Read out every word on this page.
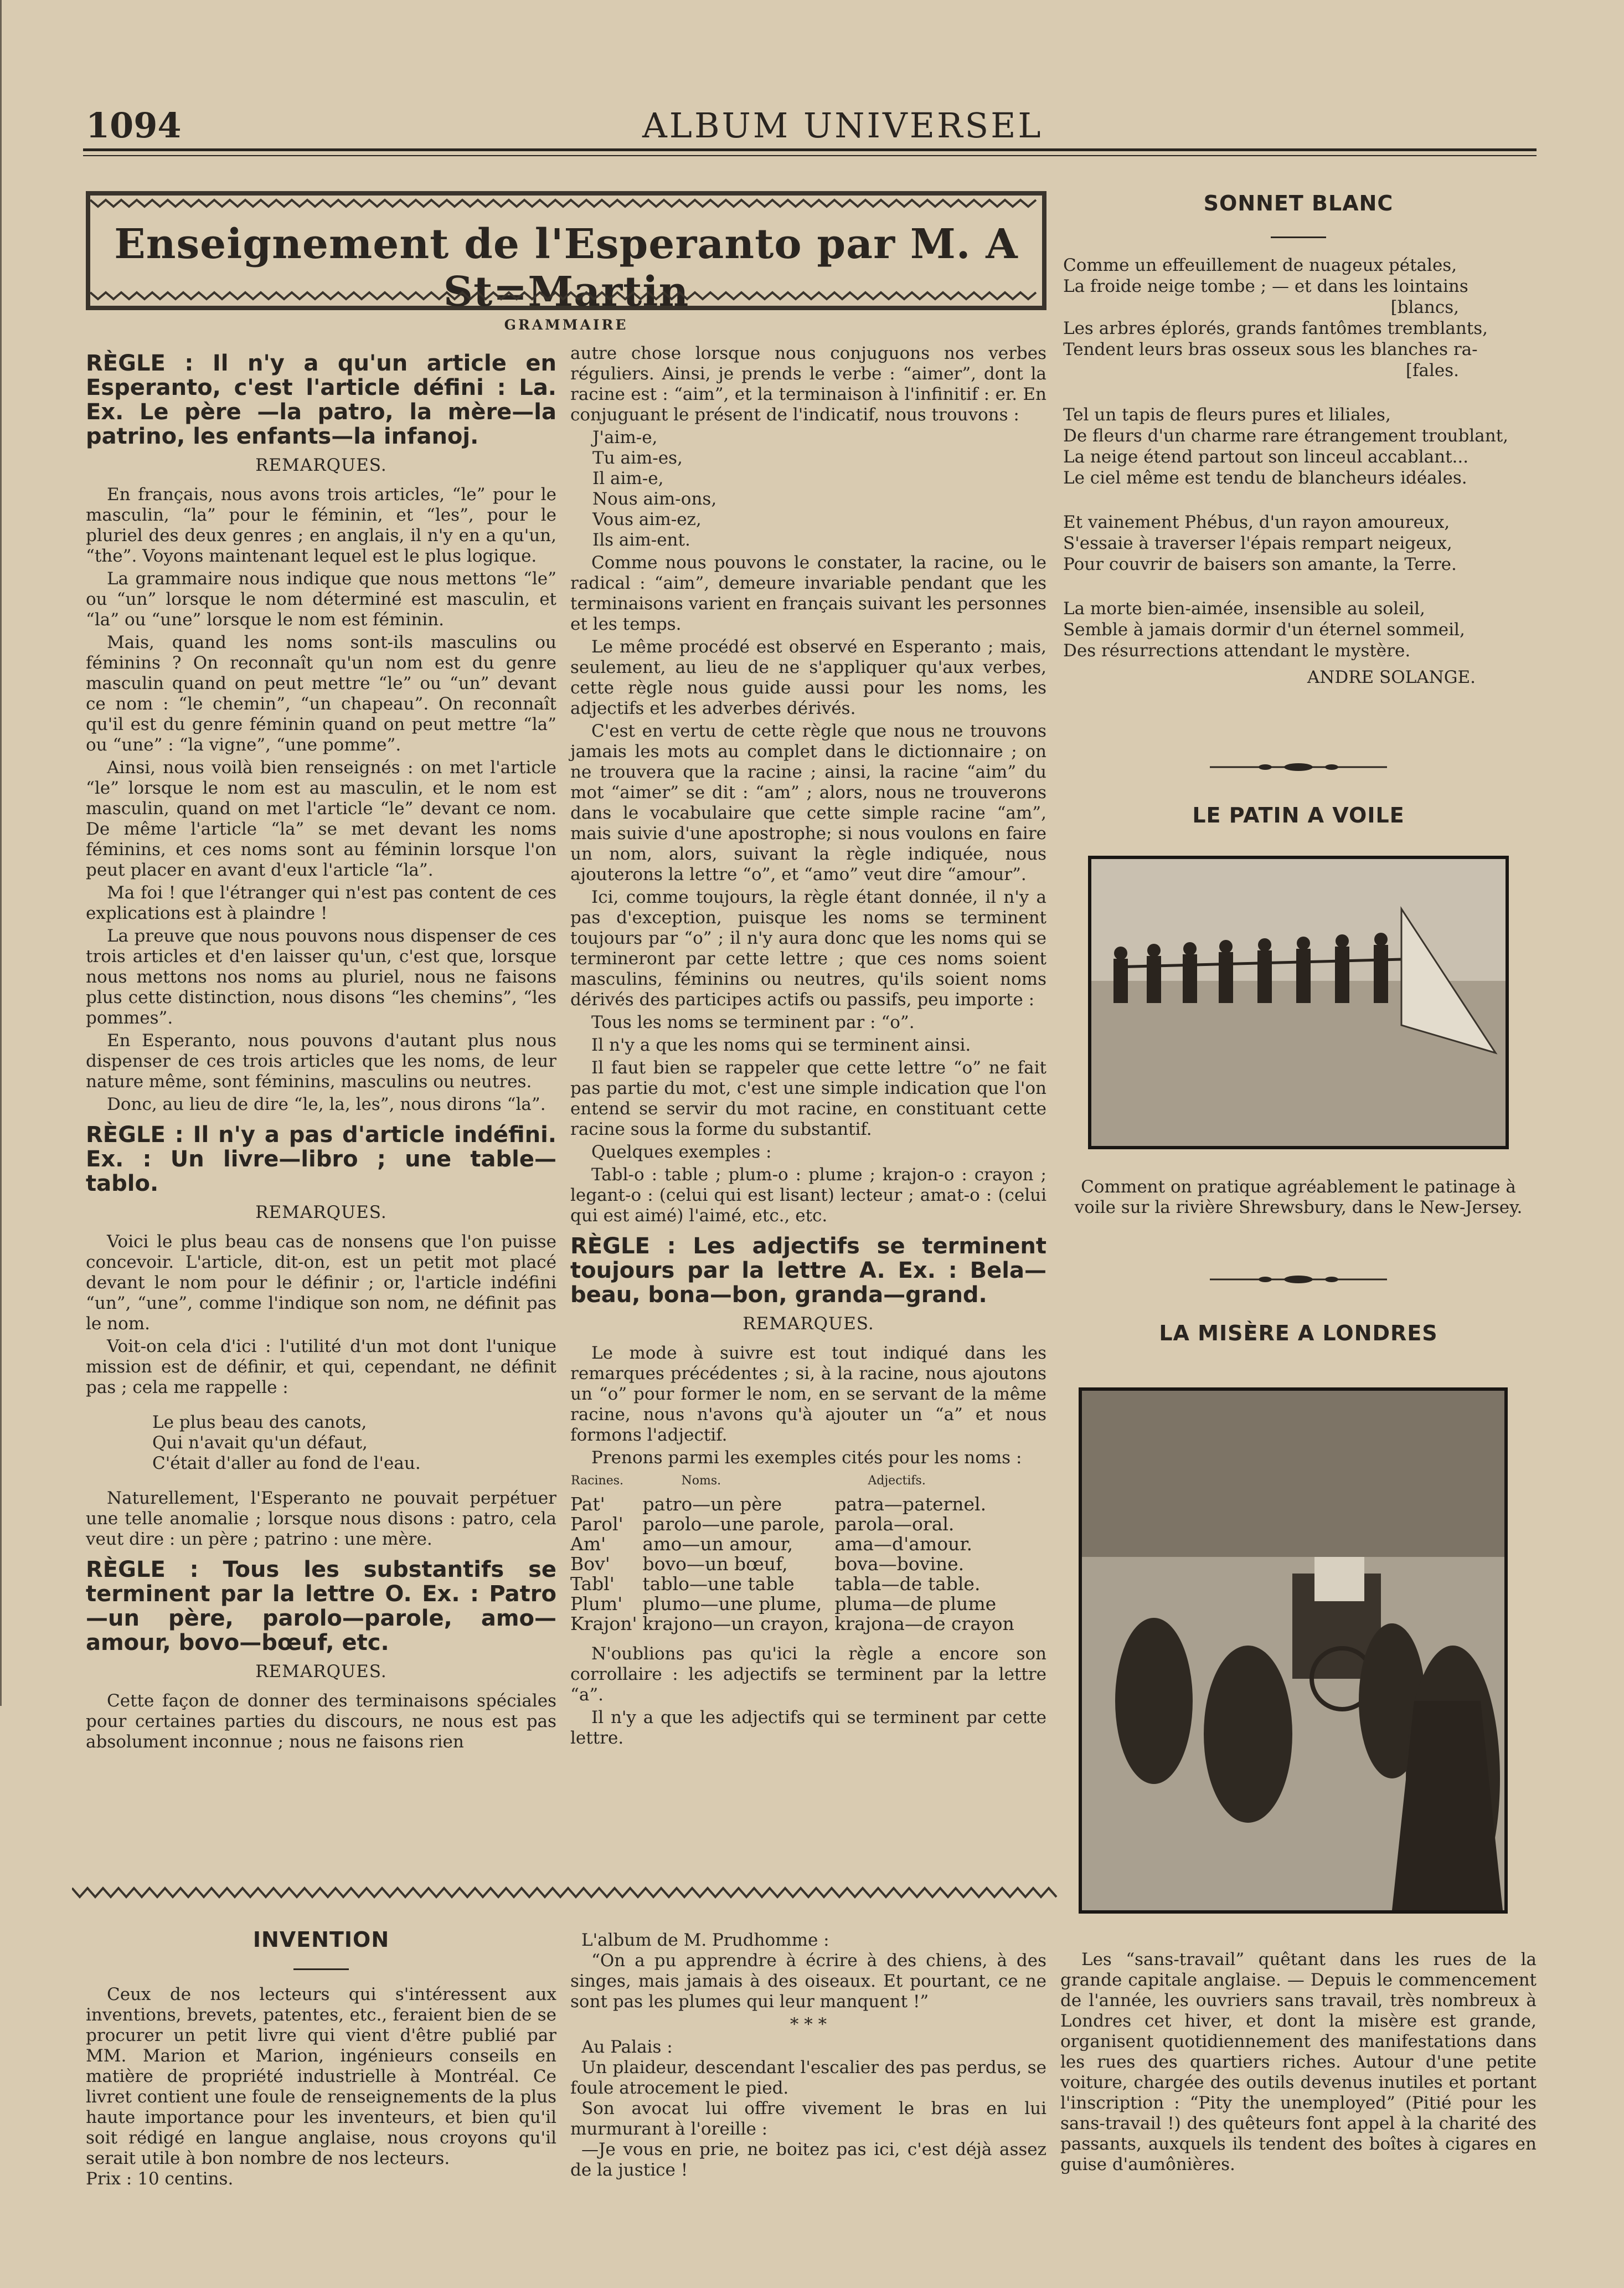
1094	ALBUM UNIVERSEL
Enseignement de l'Esperanto par M. A St=Martin
GRAMMAIRE
RÈGLE : Il n'y a qu'un article en Esperanto, c'est l'article défini : La. Ex. Le père —la patro, la mère—la patrino, les enfants—la infanoj.
REMARQUES.

En français, nous avons trois articles, “le” pour le masculin, “la” pour le féminin, et “les”, pour le pluriel des deux genres ; en anglais, il n'y en a qu'un, “the”. Voyons maintenant lequel est le plus logique.

La grammaire nous indique que nous mettons “le” ou “un” lorsque le nom déterminé est masculin, et “la” ou “une” lorsque le nom est féminin.

Mais, quand les noms sont-ils masculins ou féminins ? On reconnaît qu'un nom est du genre masculin quand on peut mettre “le” ou “un” devant ce nom : “le chemin”, “un chapeau”. On reconnaît qu'il est du genre féminin quand on peut mettre “la” ou “une” : “la vigne”, “une pomme”.

Ainsi, nous voilà bien renseignés : on met l'article “le” lorsque le nom est au masculin, et le nom est masculin, quand on met l'article “le” devant ce nom. De même l'article “la” se met devant les noms féminins, et ces noms sont au féminin lorsque l'on peut placer en avant d'eux l'article “la”.

Ma foi ! que l'étranger qui n'est pas content de ces explications est à plaindre !

La preuve que nous pouvons nous dispenser de ces trois articles et d'en laisser qu'un, c'est que, lorsque nous mettons nos noms au pluriel, nous ne faisons plus cette distinction, nous disons “les chemins”, “les pommes”.

En Esperanto, nous pouvons d'autant plus nous dispenser de ces trois articles que les noms, de leur nature même, sont féminins, masculins ou neutres.

Donc, au lieu de dire “le, la, les”, nous dirons “la”.

RÈGLE : Il n'y a pas d'article indéfini. Ex. : Un livre—libro ; une table—tablo.
REMARQUES.

Voici le plus beau cas de nonsens que l'on puisse concevoir. L'article, dit-on, est un petit mot placé devant le nom pour le définir ; or, l'article indéfini “un”, “une”, comme l'indique son nom, ne définit pas le nom.

Voit-on cela d'ici : l'utilité d'un mot dont l'unique mission est de définir, et qui, cependant, ne définit pas ; cela me rappelle :

Le plus beau des canots,
Qui n'avait qu'un défaut,
C'était d'aller au fond de l'eau.

Naturellement, l'Esperanto ne pouvait perpétuer une telle anomalie ; lorsque nous disons : patro, cela veut dire : un père ; patrino : une mère.

RÈGLE : Tous les substantifs se terminent par la lettre O. Ex. : Patro—un père, parolo—parole, amo—amour, bovo—bœuf, etc.
REMARQUES.

Cette façon de donner des terminaisons spéciales pour certaines parties du discours, ne nous est pas absolument inconnue ; nous ne faisons rien

autre chose lorsque nous conjuguons nos verbes réguliers. Ainsi, je prends le verbe : “aimer”, dont la racine est : “aim”, et la terminaison à l'infinitif : er. En conjuguant le présent de l'indicatif, nous trouvons :

J'aim-e,
Tu aim-es,
Il aim-e,
Nous aim-ons,
Vous aim-ez,
Ils aim-ent.

Comme nous pouvons le constater, la racine, ou le radical : “aim”, demeure invariable pendant que les terminaisons varient en français suivant les personnes et les temps.

Le même procédé est observé en Esperanto ; mais, seulement, au lieu de ne s'appliquer qu'aux verbes, cette règle nous guide aussi pour les noms, les adjectifs et les adverbes dérivés.

C'est en vertu de cette règle que nous ne trouvons jamais les mots au complet dans le dictionnaire ; on ne trouvera que la racine ; ainsi, la racine “aim” du mot “aimer” se dit : “am” ; alors, nous ne trouverons dans le vocabulaire que cette simple racine “am”, mais suivie d'une apostrophe; si nous voulons en faire un nom, alors, suivant la règle indiquée, nous ajouterons la lettre “o”, et “amo” veut dire “amour”.

Ici, comme toujours, la règle étant donnée, il n'y a pas d'exception, puisque les noms se terminent toujours par “o” ; il n'y aura donc que les noms qui se termineront par cette lettre ; que ces noms soient masculins, féminins ou neutres, qu'ils soient noms dérivés des participes actifs ou passifs, peu importe :

Tous les noms se terminent par : “o”.

Il n'y a que les noms qui se terminent ainsi.

Il faut bien se rappeler que cette lettre “o” ne fait pas partie du mot, c'est une simple indication que l'on entend se servir du mot racine, en constituant cette racine sous la forme du substantif.

Quelques exemples :

Tabl-o : table ; plum-o : plume ; krajon-o : crayon ; legant-o : (celui qui est lisant) lecteur ; amat-o : (celui qui est aimé) l'aimé, etc., etc.

RÈGLE : Les adjectifs se terminent toujours par la lettre A. Ex. : Bela—beau, bona—bon, granda—grand.
REMARQUES.

Le mode à suivre est tout indiqué dans les remarques précédentes ; si, à la racine, nous ajoutons un “o” pour former le nom, en se servant de la même racine, nous n'avons qu'à ajouter un “a” et nous formons l'adjectif.

Prenons parmi les exemples cités pour les noms :

Racines.	Noms.	Adjectifs.
Pat'	patro—un père	patra—paternel.
Parol'	parolo—une parole,	parola—oral.
Am'	amo—un amour,	ama—d'amour.
Bov'	bovo—un bœuf,	bova—bovine.
Tabl'	tablo—une table	tabla—de table.
Plum'	plumo—une plume,	pluma—de plume
Krajon'	krajono—un crayon,	krajona—de crayon

N'oublions pas qu'ici la règle a encore son corrollaire : les adjectifs se terminent par la lettre “a”.

Il n'y a que les adjectifs qui se terminent par cette lettre.

SONNET BLANC
Comme un effeuillement de nuageux pétales,
La froide neige tombe ; — et dans les lointains
[blancs,
Les arbres éplorés, grands fantômes tremblants,
Tendent leurs bras osseux sous les blanches ra-
[fales.
Tel un tapis de fleurs pures et liliales,
De fleurs d'un charme rare étrangement troublant,
La neige étend partout son linceul accablant...
Le ciel même est tendu de blancheurs idéales.
Et vainement Phébus, d'un rayon amoureux,
S'essaie à traverser l'épais rempart neigeux,
Pour couvrir de baisers son amante, la Terre.
La morte bien-aimée, insensible au soleil,
Semble à jamais dormir d'un éternel sommeil,
Des résurrections attendant le mystère.
ANDRE SOLANGE.
LE PATIN A VOILE
Comment on pratique agréablement le patinage à voile sur la rivière Shrewsbury, dans le New-Jersey.
LA MISÈRE A LONDRES
Les “sans-travail” quêtant dans les rues de la grande capitale anglaise. — Depuis le commencement de l'année, les ouvriers sans travail, très nombreux à Londres cet hiver, et dont la misère est grande, organisent quotidiennement des manifestations dans les rues des quartiers riches. Autour d'une petite voiture, chargée des outils devenus inutiles et portant l'inscription : “Pity the unemployed” (Pitié pour les sans-travail !) des quêteurs font appel à la charité des passants, auxquels ils tendent des boîtes à cigares en guise d'aumônières.
INVENTION
Ceux de nos lecteurs qui s'intéressent aux inventions, brevets, patentes, etc., feraient bien de se procurer un petit livre qui vient d'être publié par MM. Marion et Marion, ingénieurs conseils en matière de propriété industrielle à Montréal. Ce livret contient une foule de renseignements de la plus haute importance pour les inventeurs, et bien qu'il soit rédigé en langue anglaise, nous croyons qu'il serait utile à bon nombre de nos lecteurs.
Prix : 10 centins.
L'album de M. Prudhomme :
“On a pu apprendre à écrire à des chiens, à des singes, mais jamais à des oiseaux. Et pourtant, ce ne sont pas les plumes qui leur manquent !”
* * *
Au Palais :
Un plaideur, descendant l'escalier des pas perdus, se foule atrocement le pied.
Son avocat lui offre vivement le bras en lui murmurant à l'oreille :
—Je vous en prie, ne boitez pas ici, c'est déjà assez de la justice !
